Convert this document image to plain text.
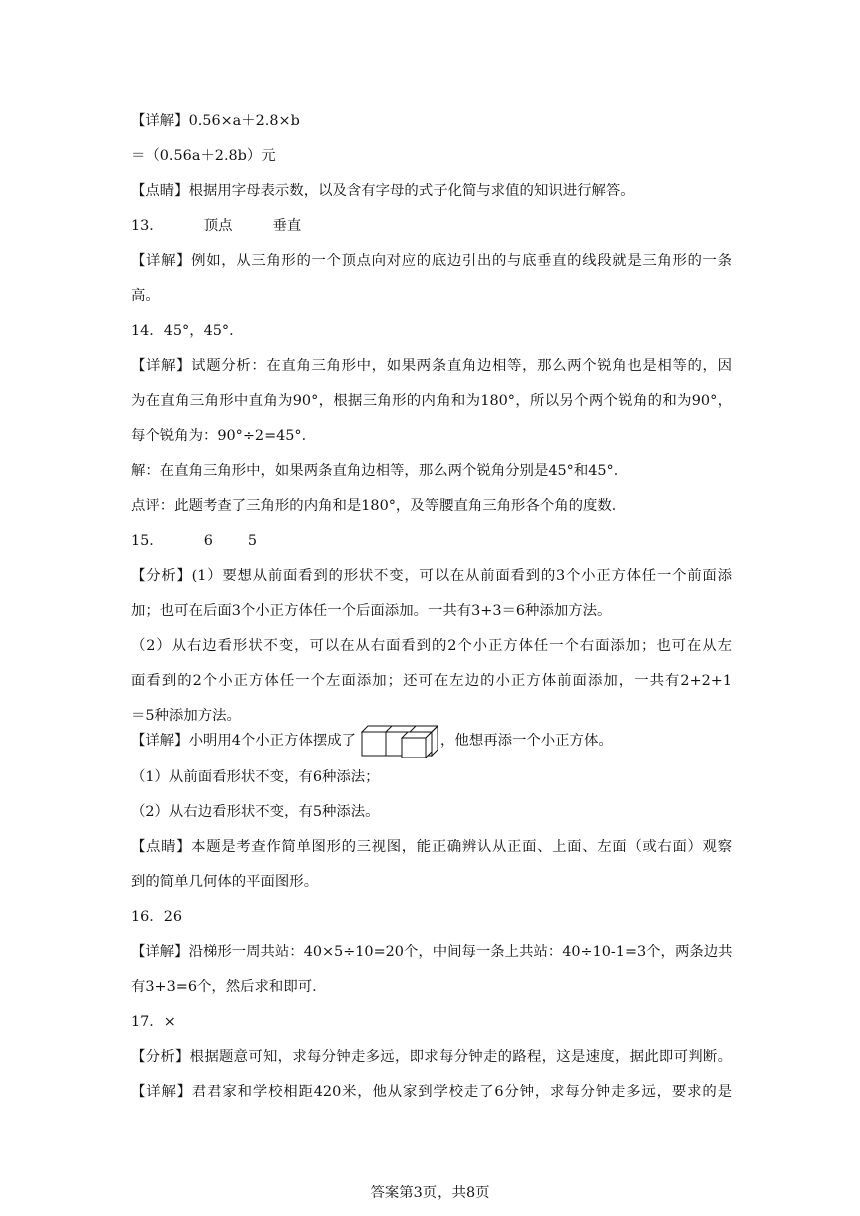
【详解】0.56×a＋2.8×b
＝（0.56a＋2.8b）元
【点睛】根据用字母表示数，以及含有字母的式子化简与求值的知识进行解答。
13．	顶点	垂直
【详解】例如，从三角形的一个顶点向对应的底边引出的与底垂直的线段就是三角形的一条
高。
14．45°，45°．
【详解】试题分析：在直角三角形中，如果两条直角边相等，那么两个锐角也是相等的，因
为在直角三角形中直角为90°，根据三角形的内角和为180°，所以另个两个锐角的和为90°，
每个锐角为：90°÷2=45°．
解：在直角三角形中，如果两条直角边相等，那么两个锐角分别是45°和45°．
点评：此题考查了三角形的内角和是180°，及等腰直角三角形各个角的度数．
15．	6 5
【分析】(1）要想从前面看到的形状不变，可以在从前面看到的3个小正方体任一个前面添
加；也可在后面3个小正方体任一个后面添加。一共有3+3＝6种添加方法。
（2）从右边看形状不变，可以在从右面看到的2个小正方体任一个右面添加；也可在从左
面看到的2个小正方体任一个左面添加；还可在左边的小正方体前面添加，一共有2+2+1
＝5种添加方法。
【详解】小明用4个小正方体摆成了	，他想再添一个小正方体。
（1）从前面看形状不变，有6种添法；
（2）从右边看形状不变，有5种添法。
【点睛】本题是考查作简单图形的三视图，能正确辨认从正面、上面、左面（或右面）观察
到的简单几何体的平面图形。
16．26
【详解】沿梯形一周共站：40×5÷10=20个，中间每一条上共站：40÷10-1=3个，两条边共
有3+3=6个，然后求和即可．
17．×
【分析】根据题意可知，求每分钟走多远，即求每分钟走的路程，这是速度，据此即可判断。
【详解】君君家和学校相距420米，他从家到学校走了6分钟，求每分钟走多远，要求的是
答案第3页，共8页
